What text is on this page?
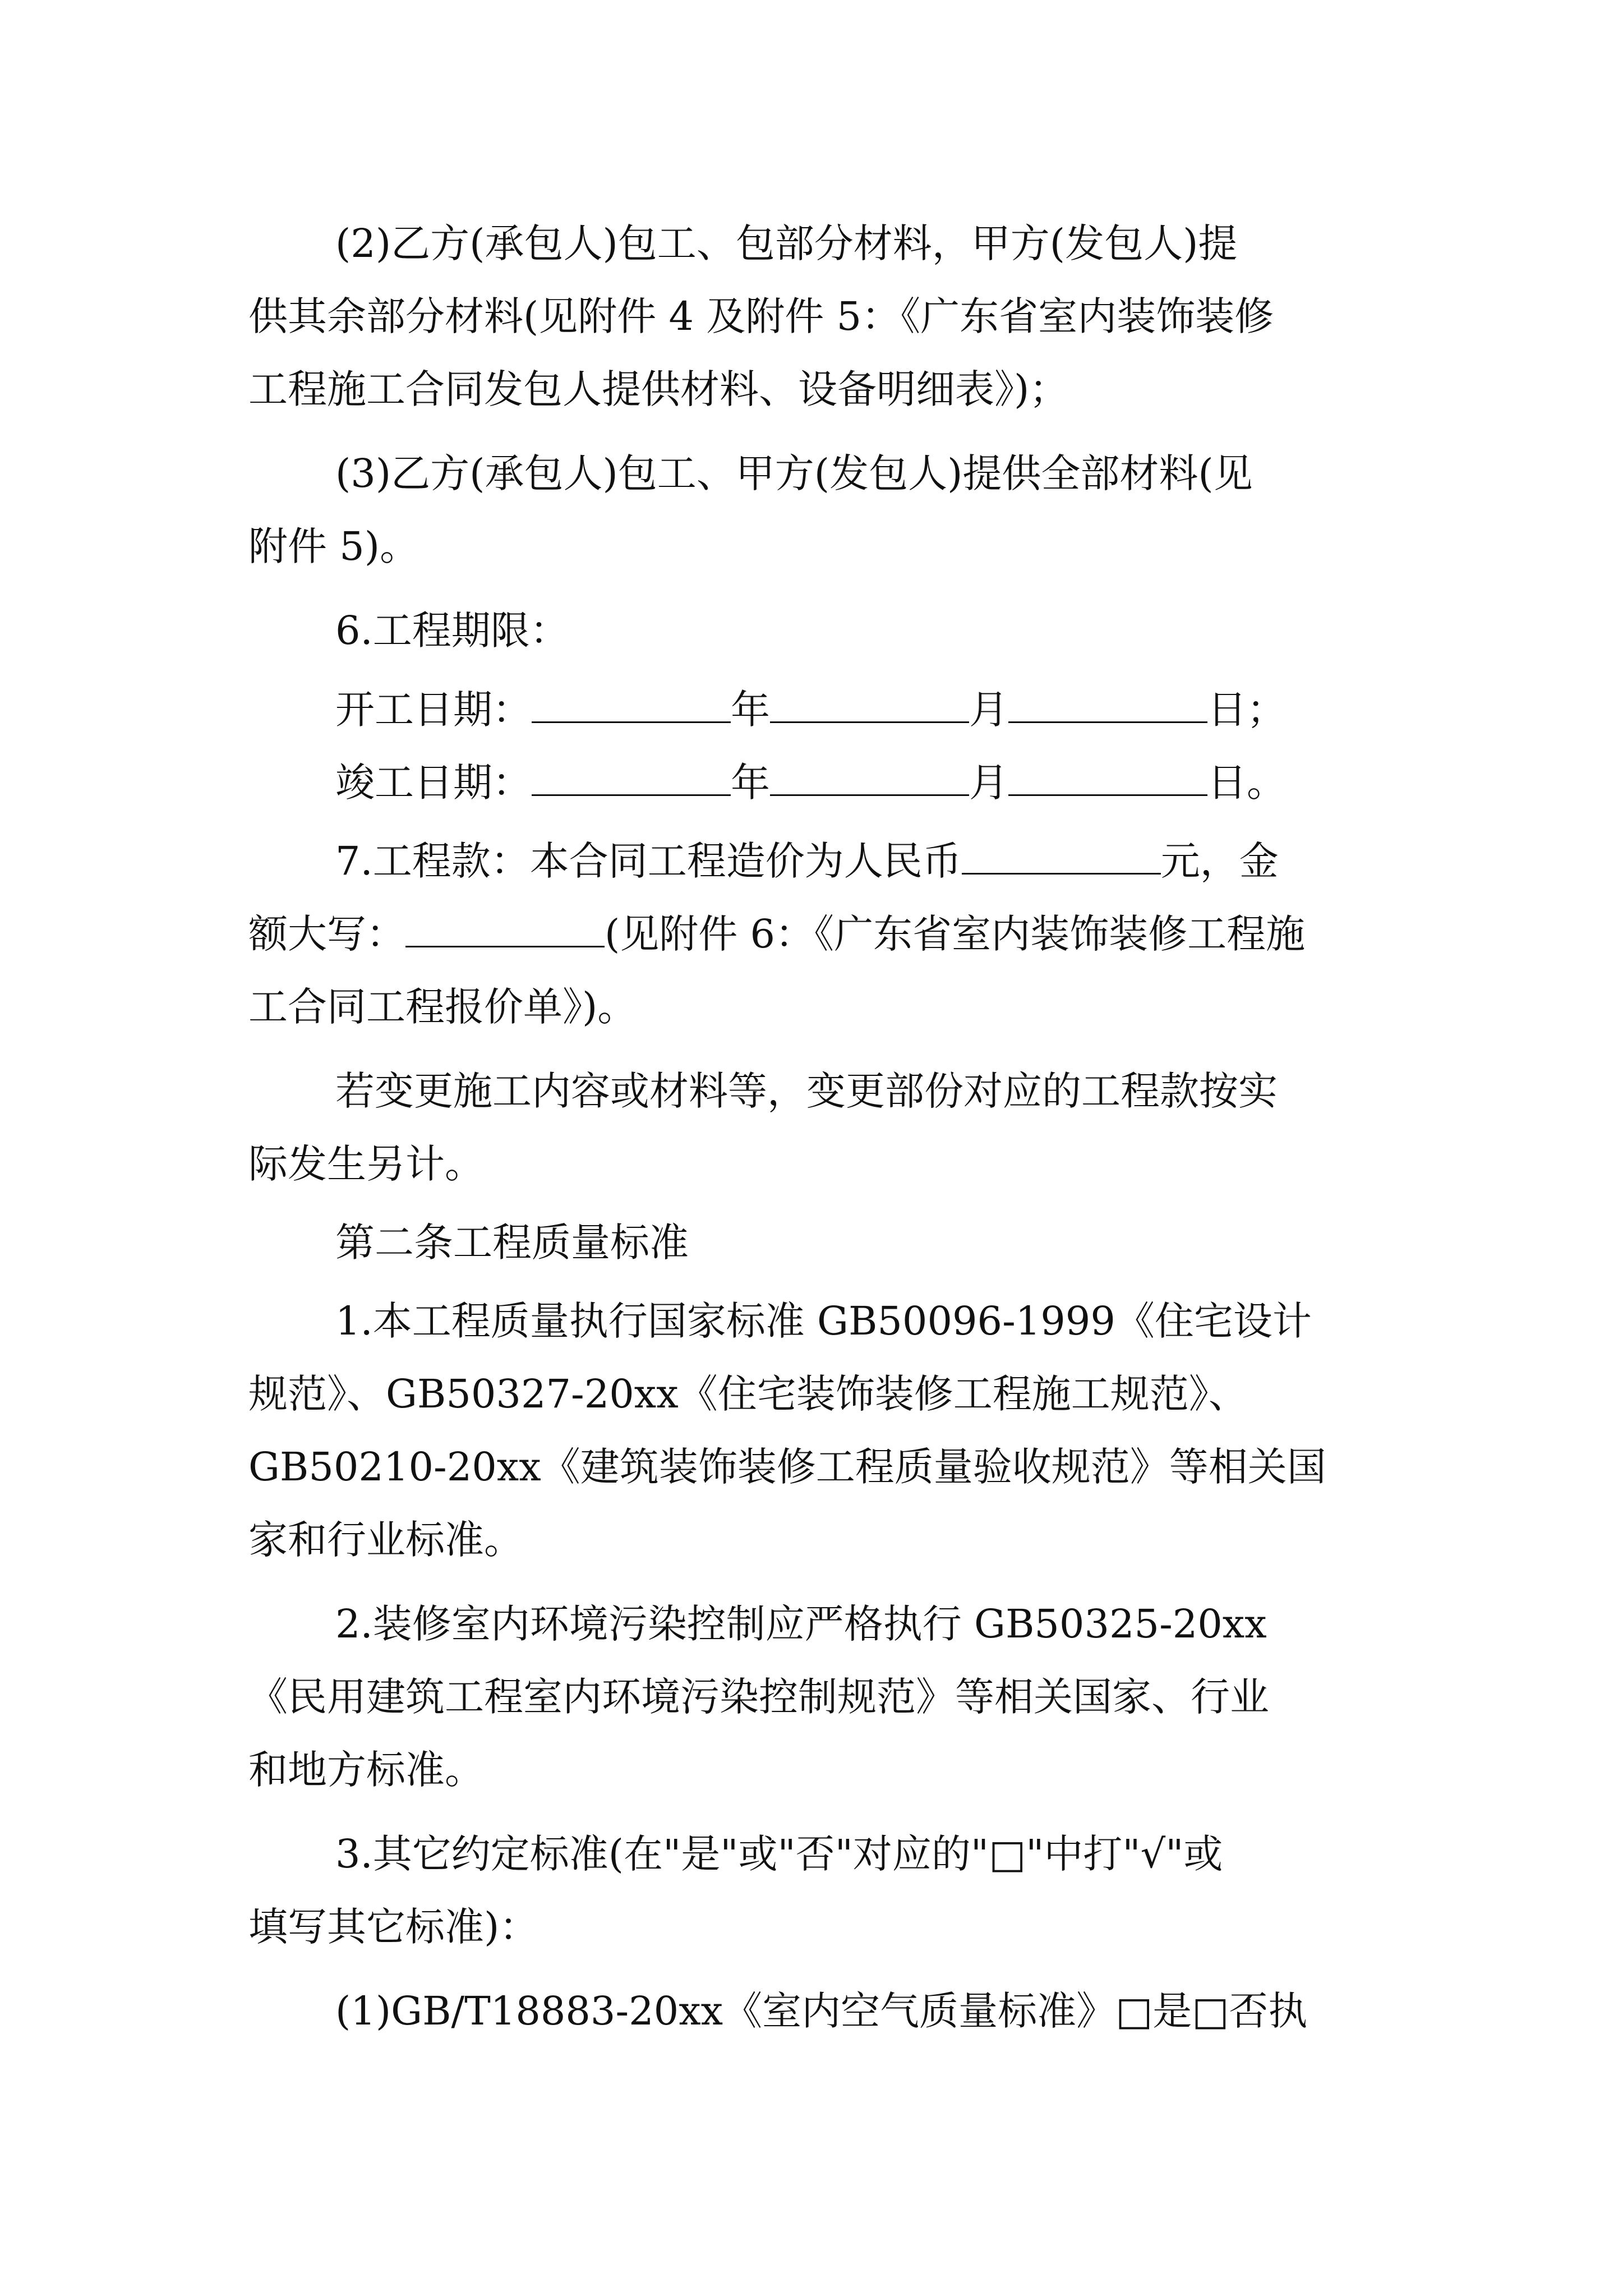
(2)乙方(承包人)包工、包部分材料，甲方(发包人)提
供其余部分材料(见附件 4 及附件 5：《广东省室内装饰装修
工程施工合同发包人提供材料、设备明细表》)；
(3)乙方(承包人)包工、甲方(发包人)提供全部材料(见
附件 5)。
6.工程期限：
开工日期：	年	月	日；
竣工日期：	年	月	日。
7.工程款：本合同工程造价为人民币	元，金
额大写：	(见附件 6：《广东省室内装饰装修工程施
工合同工程报价单》)。
若变更施工内容或材料等，变更部份对应的工程款按实
际发生另计。
第二条工程质量标准
1.本工程质量执行国家标准 GB50096-1999《住宅设计
规范》、GB50327-20xx《住宅装饰装修工程施工规范》、
GB50210-20xx《建筑装饰装修工程质量验收规范》等相关国
家和行业标准。
2.装修室内环境污染控制应严格执行 GB50325-20xx
《民用建筑工程室内环境污染控制规范》等相关国家、行业
和地方标准。
3.其它约定标准(在"是"或"否"对应的"□"中打"√"或
填写其它标准)：
(1)GB/T18883-20xx《室内空气质量标准》□是□否执
